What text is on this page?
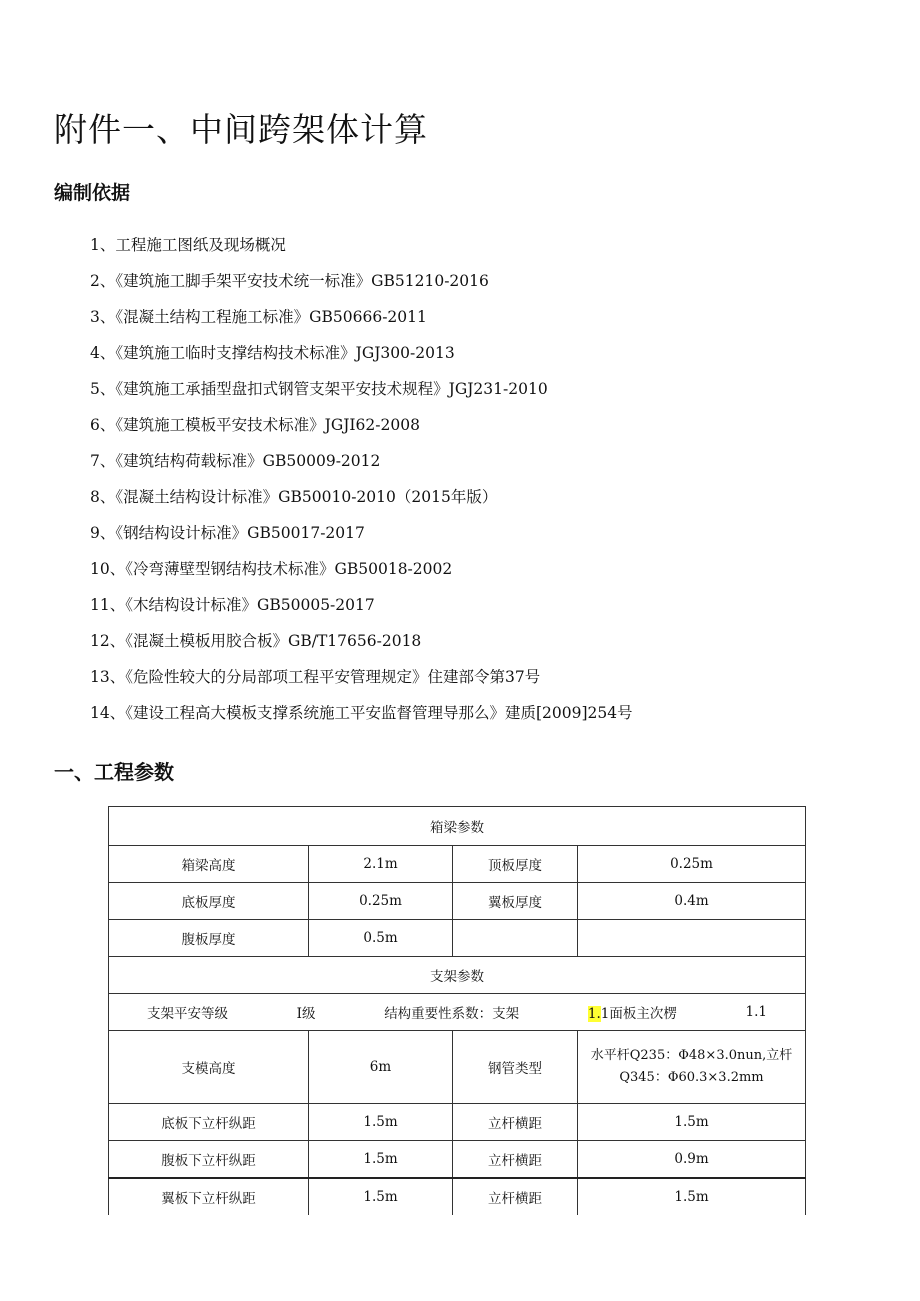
附件一、中间跨架体计算
编制依据
1、工程施工图纸及现场概况
2、《建筑施工脚手架平安技术统一标准》GB51210-2016
3、《混凝土结构工程施工标准》GB50666-2011
4、《建筑施工临时支撑结构技术标准》JGJ300-2013
5、《建筑施工承插型盘扣式钢管支架平安技术规程》JGJ231-2010
6、《建筑施工模板平安技术标准》JGJI62-2008
7、《建筑结构荷载标准》GB50009-2012
8、《混凝土结构设计标准》GB50010-2010（2015年版）
9、《钢结构设计标准》GB50017-2017
10、《冷弯薄壁型钢结构技术标准》GB50018-2002
11、《木结构设计标准》GB50005-2017
12、《混凝土模板用胶合板》GB/T17656-2018
13、《危险性较大的分局部项工程平安管理规定》住建部令第37号
14、《建设工程高大模板支撑系统施工平安监督管理导那么》建质[2009]254号
一、工程参数
箱梁参数			
箱梁高度	2.1m	顶板厚度	0.25m
底板厚度	0.25m	翼板厚度	0.4m
腹板厚度	0.5m		
支架参数			

支架平安等级 I级 结构重要性系数：支架 1.1面板主次楞 1.1			

支模高度	6m	钢管类型	水平杆Q235：Φ48×3.0nun,立杆
Q345：Φ60.3×3.2mm

底板下立杆纵距	1.5m	立杆横距	1.5m
腹板下立杆纵距	1.5m	立杆横距	0.9m
翼板下立杆纵距	1.5m	立杆横距	1.5m
